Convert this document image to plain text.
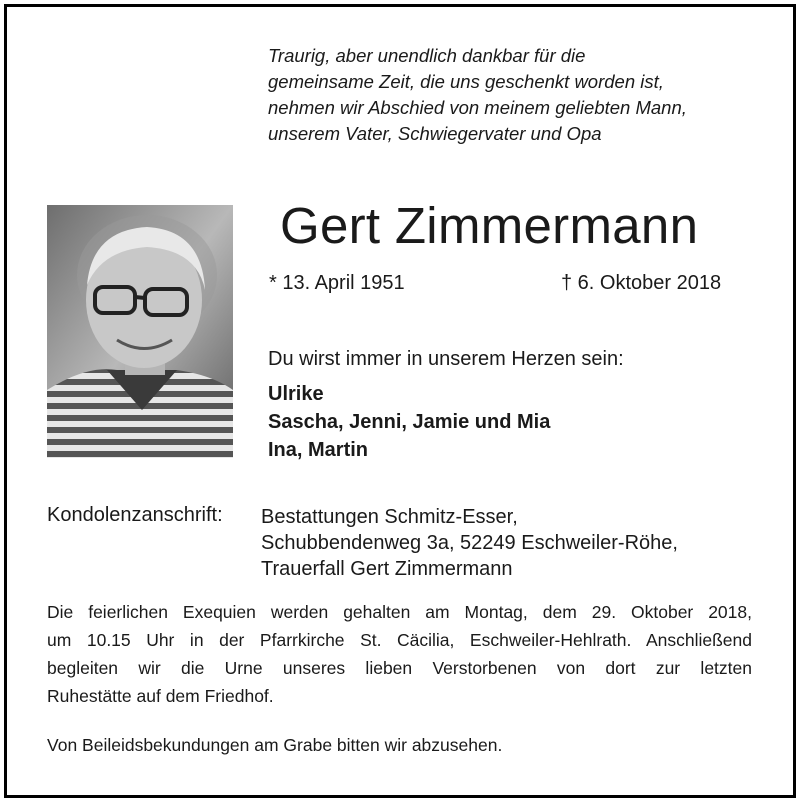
Traurig, aber unendlich dankbar für die
gemeinsame Zeit, die uns geschenkt worden ist,
nehmen wir Abschied von meinem geliebten Mann,
unserem Vater, Schwiegervater und Opa
Gert Zimmermann
* 13. April 1951	† 6. Oktober 2018
Du wirst immer in unserem Herzen sein:
Ulrike
Sascha, Jenni, Jamie und Mia
Ina, Martin
Kondolenzanschrift: Bestattungen Schmitz-Esser,
Schubbendenweg 3a, 52249 Eschweiler-Röhe,
Trauerfall Gert Zimmermann
Die feierlichen Exequien werden gehalten am Montag, dem 29. Oktober 2018,
um 10.15 Uhr in der Pfarrkirche St. Cäcilia, Eschweiler-Hehlrath. Anschließend
begleiten wir die Urne unseres lieben Verstorbenen von dort zur letzten
Ruhestätte auf dem Friedhof.
Von Beileidsbekundungen am Grabe bitten wir abzusehen.
